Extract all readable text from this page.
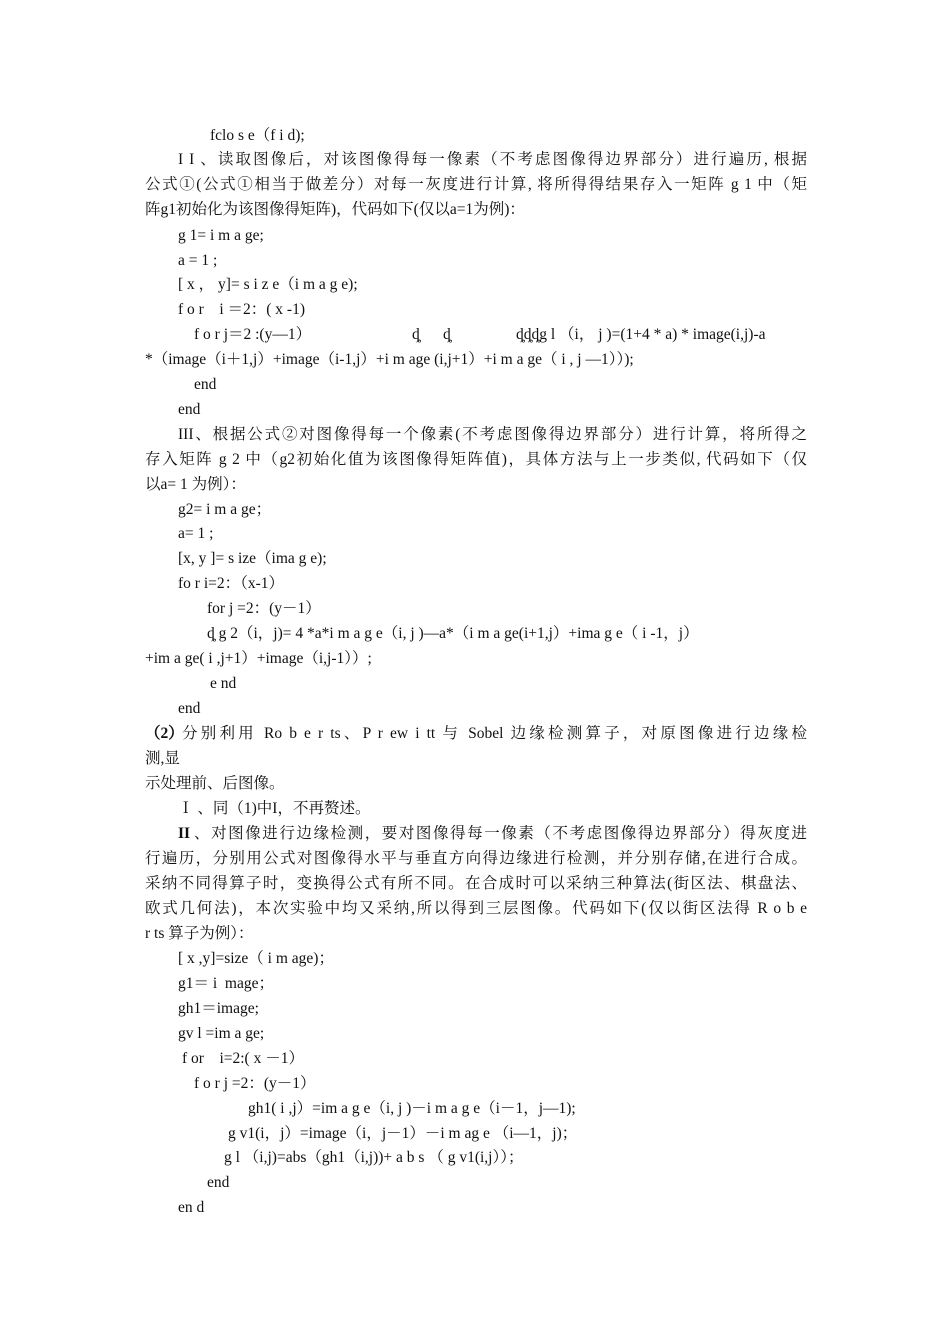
fclo s e（f i d);
I I 、读取图像后，对该图像得每一像素（不考虑图像得边界部分）进行遍历, 根据
公式①(公式①相当于做差分）对每一灰度进行计算, 将所得得结果存入一矩阵 g 1 中（矩
阵g1初始化为该图像得矩阵)，代码如下(仅以a=1为例)：
g 1= i m a ge;
a = 1 ;
[ x ， y]= s i z e（i m a g e);
f o r    i ＝2：( x -1)
f o r j＝2 :(y—1）	ȡ      ȡ	ȡȡȡg l （i， j )=(1+4 * a) * image(i,j)-a
*（image（i＋1,j）+image（i-1,j）+i m age (i,j+1）+i m a ge（ i , j —1））);
end
end
III、根据公式②对图像得每一个像素(不考虑图像得边界部分）进行计算，将所得之
存入矩阵 g 2 中（g2初始化值为该图像得矩阵值)，具体方法与上一步类似, 代码如下（仅
以a= 1 为例）：
g2= i m a ge；
a= 1 ;
[x, y ]= s ize（ima g e);
fo r i=2：（x-1）
for j =2：(y－1）
ȡ g 2（i，j)= 4 *a*i m a g e（i, j )—a*（i m a ge(i+1,j）+ima g e（ i -1，j）
+im a ge( i ,j+1）+image（i,j-1））;
e nd
end
（2）
分别利用 Ro b e r ts、P r ew i tt 与 Sobel 边缘检测算子，对原图像进行边缘检
测,显
示处理前、后图像。
Ｉ 、同（1)中I，不再赘述。
II 、对图像进行边缘检测，要对图像得每一像素（不考虑图像得边界部分）得灰度进
行遍历，分别用公式对图像得水平与垂直方向得边缘进行检测，并分别存储,在进行合成。
采纳不同得算子时，变换得公式有所不同。在合成时可以采纳三种算法(街区法、棋盘法、
欧式几何法)，本次实验中均又采纳,所以得到三层图像。代码如下(仅以街区法得 R o b e
r ts 算子为例）：
[ x ,y]=size（ i m age)；
g1＝ i  mage；
gh1＝image;
gv l =im a ge;
f or    i=2:( x －1）
f o r j =2：(y－1）
gh1( i ,j）=im a g e（i, j )－i m a g e（i－1，j—1);
g v1(i，j）=image（i，j－1）－i m ag e （i—1，j)；
g l （i,j)=abs（gh1（i,j))+ a b s （ g v1(i,j））；
end
en d
